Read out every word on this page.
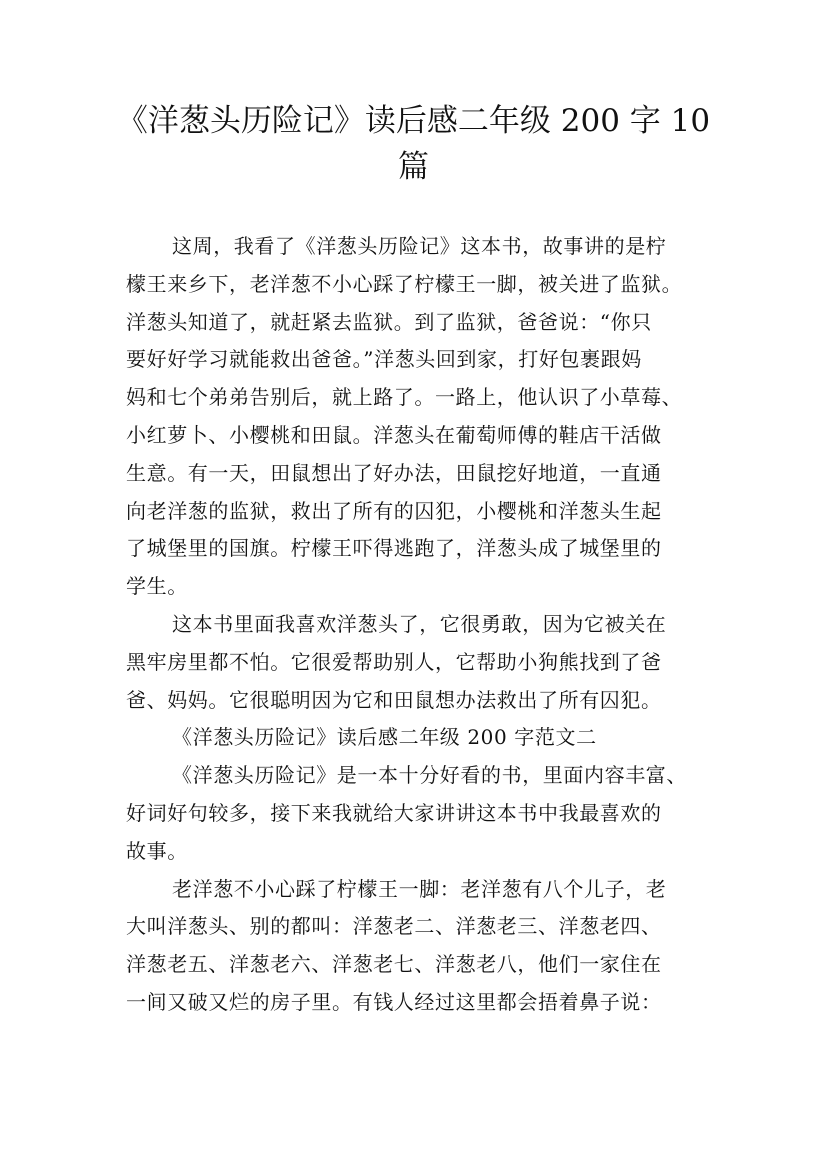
《洋葱头历险记》读后感二年级 200 字 10
篇
这周，我看了《洋葱头历险记》这本书，故事讲的是柠
檬王来乡下，老洋葱不小心踩了柠檬王一脚，被关进了监狱。
洋葱头知道了，就赶紧去监狱。到了监狱，爸爸说：“你只
要好好学习就能救出爸爸。”洋葱头回到家，打好包裹跟妈
妈和七个弟弟告别后，就上路了。一路上，他认识了小草莓、
小红萝卜、小樱桃和田鼠。洋葱头在葡萄师傅的鞋店干活做
生意。有一天，田鼠想出了好办法，田鼠挖好地道，一直通
向老洋葱的监狱，救出了所有的囚犯，小樱桃和洋葱头生起
了城堡里的国旗。柠檬王吓得逃跑了，洋葱头成了城堡里的
学生。
这本书里面我喜欢洋葱头了，它很勇敢，因为它被关在
黑牢房里都不怕。它很爱帮助别人，它帮助小狗熊找到了爸
爸、妈妈。它很聪明因为它和田鼠想办法救出了所有囚犯。
《洋葱头历险记》读后感二年级 200 字范文二
《洋葱头历险记》是一本十分好看的书，里面内容丰富、
好词好句较多，接下来我就给大家讲讲这本书中我最喜欢的
故事。
老洋葱不小心踩了柠檬王一脚：老洋葱有八个儿子，老
大叫洋葱头、别的都叫：洋葱老二、洋葱老三、洋葱老四、
洋葱老五、洋葱老六、洋葱老七、洋葱老八，他们一家住在
一间又破又烂的房子里。有钱人经过这里都会捂着鼻子说：
